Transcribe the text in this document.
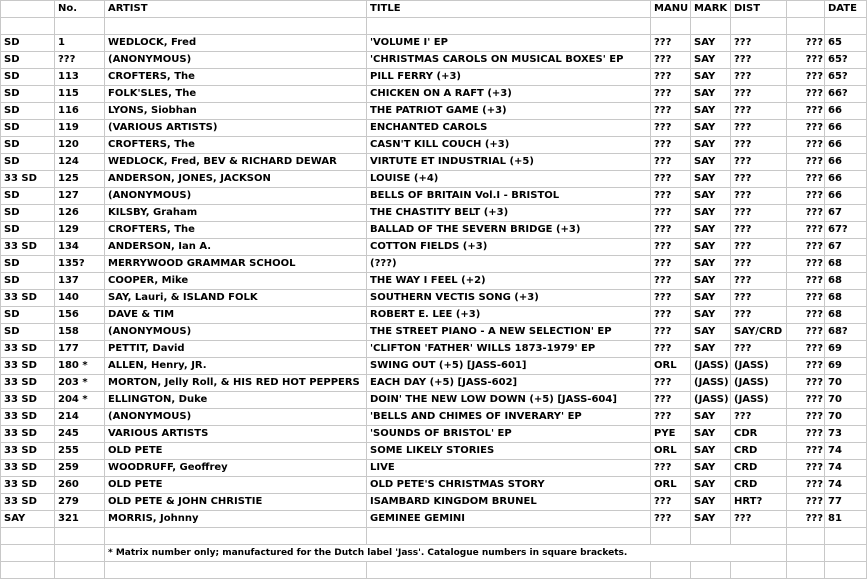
	No.	ARTIST	TITLE	MANU	MARK	DIST		DATE

SD	1	WEDLOCK, Fred	'VOLUME I' EP	???	SAY	???	???	65
SD	???	(ANONYMOUS)	'CHRISTMAS CAROLS ON MUSICAL BOXES' EP	???	SAY	???	???	65?
SD	113	CROFTERS, The	PILL FERRY (+3)	???	SAY	???	???	65?
SD	115	FOLK'SLES, The	CHICKEN ON A RAFT (+3)	???	SAY	???	???	66?
SD	116	LYONS, Siobhan	THE PATRIOT GAME (+3)	???	SAY	???	???	66
SD	119	(VARIOUS ARTISTS)	ENCHANTED CAROLS	???	SAY	???	???	66
SD	120	CROFTERS, The	CASN'T KILL COUCH (+3)	???	SAY	???	???	66
SD	124	WEDLOCK, Fred, BEV & RICHARD DEWAR	VIRTUTE ET INDUSTRIAL (+5)	???	SAY	???	???	66
33 SD	125	ANDERSON, JONES, JACKSON	LOUISE (+4)	???	SAY	???	???	66
SD	127	(ANONYMOUS)	BELLS OF BRITAIN Vol.I - BRISTOL	???	SAY	???	???	66
SD	126	KILSBY, Graham	THE CHASTITY BELT (+3)	???	SAY	???	???	67
SD	129	CROFTERS, The	BALLAD OF THE SEVERN BRIDGE (+3)	???	SAY	???	???	67?
33 SD	134	ANDERSON, Ian A.	COTTON FIELDS (+3)	???	SAY	???	???	67
SD	135?	MERRYWOOD GRAMMAR SCHOOL	(???)	???	SAY	???	???	68
SD	137	COOPER, Mike	THE WAY I FEEL (+2)	???	SAY	???	???	68
33 SD	140	SAY, Lauri, & ISLAND FOLK	SOUTHERN VECTIS SONG (+3)	???	SAY	???	???	68
SD	156	DAVE & TIM	ROBERT E. LEE (+3)	???	SAY	???	???	68
SD	158	(ANONYMOUS)	THE STREET PIANO - A NEW SELECTION' EP	???	SAY	SAY/CRD	???	68?
33 SD	177	PETTIT, David	'CLIFTON 'FATHER' WILLS 1873-1979' EP	???	SAY	???	???	69
33 SD	180 *	ALLEN, Henry, JR.	SWING OUT (+5) [JASS-601]	ORL	(JASS)	(JASS)	???	69
33 SD	203 *	MORTON, Jelly Roll, & HIS RED HOT PEPPERS	EACH DAY (+5) [JASS-602]	???	(JASS)	(JASS)	???	70
33 SD	204 *	ELLINGTON, Duke	DOIN' THE NEW LOW DOWN (+5) [JASS-604]	???	(JASS)	(JASS)	???	70
33 SD	214	(ANONYMOUS)	'BELLS AND CHIMES OF INVERARY' EP	???	SAY	???	???	70
33 SD	245	VARIOUS ARTISTS	'SOUNDS OF BRISTOL' EP	PYE	SAY	CDR	???	73
33 SD	255	OLD PETE	SOME LIKELY STORIES	ORL	SAY	CRD	???	74
33 SD	259	WOODRUFF, Geoffrey	LIVE	???	SAY	CRD	???	74
33 SD	260	OLD PETE	OLD PETE'S CHRISTMAS STORY	ORL	SAY	CRD	???	74
33 SD	279	OLD PETE & JOHN CHRISTIE	ISAMBARD KINGDOM BRUNEL	???	SAY	HRT?	???	77
SAY	321	MORRIS, Johnny	GEMINEE GEMINI	???	SAY	???	???	81

		* Matrix number only; manufactured for the Dutch label 'Jass'. Catalogue numbers in square brackets.						
